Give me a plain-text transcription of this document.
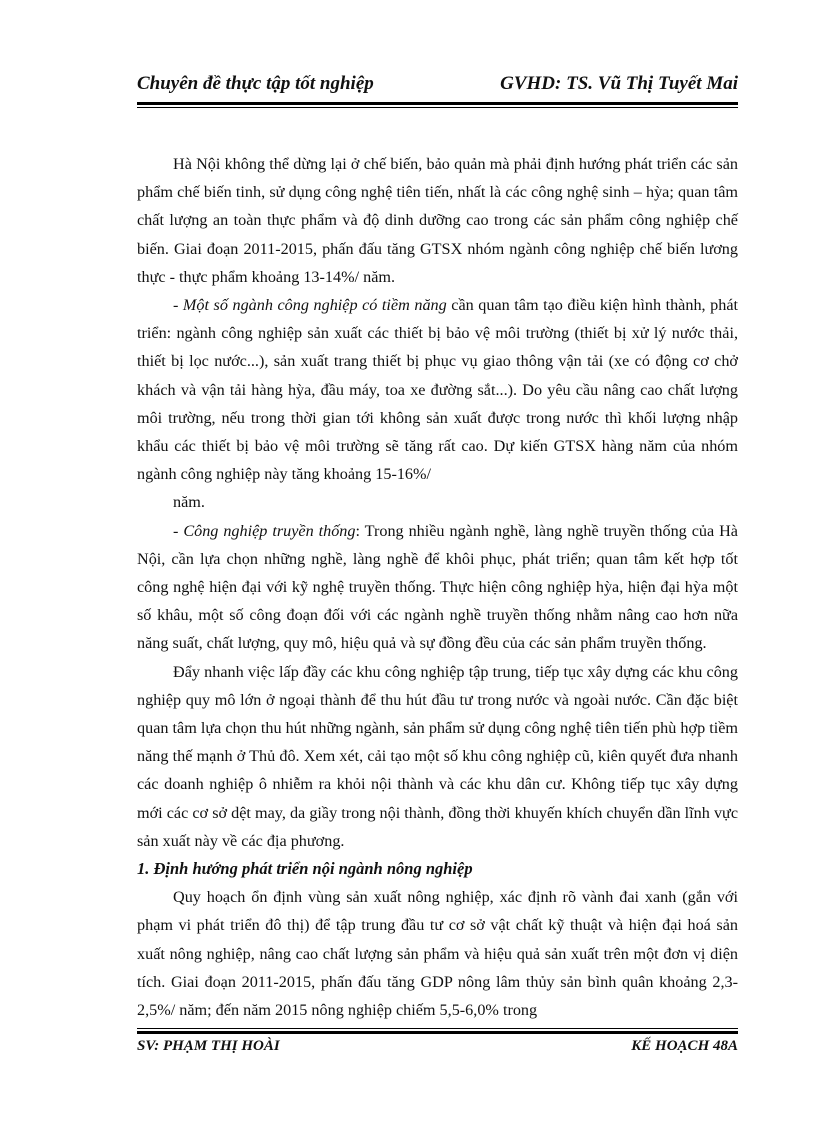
Chuyên đề thực tập tốt nghiệp	GVHD: TS. Vũ Thị Tuyết Mai

Hà Nội không thể dừng lại ở chế biến, bảo quản mà phải định hướng phát triển các sản phẩm chế biến tinh, sử dụng công nghệ tiên tiến, nhất là các công nghệ sinh – hỳa; quan tâm chất lượng an toàn thực phẩm và độ dinh dưỡng cao trong các sản phẩm công nghiệp chế biến. Giai đoạn 2011-2015, phấn đấu tăng GTSX nhóm ngành công nghiệp chế biến lương thực - thực phẩm khoảng 13-14%/ năm.

- Một số ngành công nghiệp có tiềm năng cần quan tâm tạo điều kiện hình thành, phát triển: ngành công nghiệp sản xuất các thiết bị bảo vệ môi trường (thiết bị xử lý nước thải, thiết bị lọc nước...), sản xuất trang thiết bị phục vụ giao thông vận tải (xe có động cơ chở khách và vận tải hàng hỳa, đầu máy, toa xe đường sắt...). Do yêu cầu nâng cao chất lượng môi trường, nếu trong thời gian tới không sản xuất được trong nước thì khối lượng nhập khẩu các thiết bị bảo vệ môi trường sẽ tăng rất cao. Dự kiến GTSX hàng năm của nhóm ngành công nghiệp này tăng khoảng 15-16%/

năm.

- Công nghiệp truyền thống: Trong nhiều ngành nghề, làng nghề truyền thống của Hà Nội, cần lựa chọn những nghề, làng nghề để khôi phục, phát triển; quan tâm kết hợp tốt công nghệ hiện đại với kỹ nghệ truyền thống. Thực hiện công nghiệp hỳa, hiện đại hỳa một số khâu, một số công đoạn đối với các ngành nghề truyền thống nhằm nâng cao hơn nữa năng suất, chất lượng, quy mô, hiệu quả và sự đồng đều của các sản phẩm truyền thống.

Đẩy nhanh việc lấp đầy các khu công nghiệp tập trung, tiếp tục xây dựng các khu công nghiệp quy mô lớn ở ngoại thành để thu hút đầu tư trong nước và ngoài nước. Cần đặc biệt quan tâm lựa chọn thu hút những ngành, sản phẩm sử dụng công nghệ tiên tiến phù hợp tiềm năng thế mạnh ở Thủ đô. Xem xét, cải tạo một số khu công nghiệp cũ, kiên quyết đưa nhanh các doanh nghiệp ô nhiễm ra khỏi nội thành và các khu dân cư. Không tiếp tục xây dựng mới các cơ sở dệt may, da giầy trong nội thành, đồng thời khuyến khích chuyển dần lĩnh vực sản xuất này về các địa phương.

1. Định hướng phát triển nội ngành nông nghiệp

Quy hoạch ổn định vùng sản xuất nông nghiệp, xác định rõ vành đai xanh (gắn với phạm vi phát triển đô thị) để tập trung đầu tư cơ sở vật chất kỹ thuật và hiện đại hoá sản xuất nông nghiệp, nâng cao chất lượng sản phẩm và hiệu quả sản xuất trên một đơn vị diện tích. Giai đoạn 2011-2015, phấn đấu tăng GDP nông lâm thủy sản bình quân khoảng 2,3-2,5%/ năm; đến năm 2015 nông nghiệp chiếm 5,5-6,0% trong

SV: PHẠM THỊ HOÀI	KẾ HOẠCH 48A
